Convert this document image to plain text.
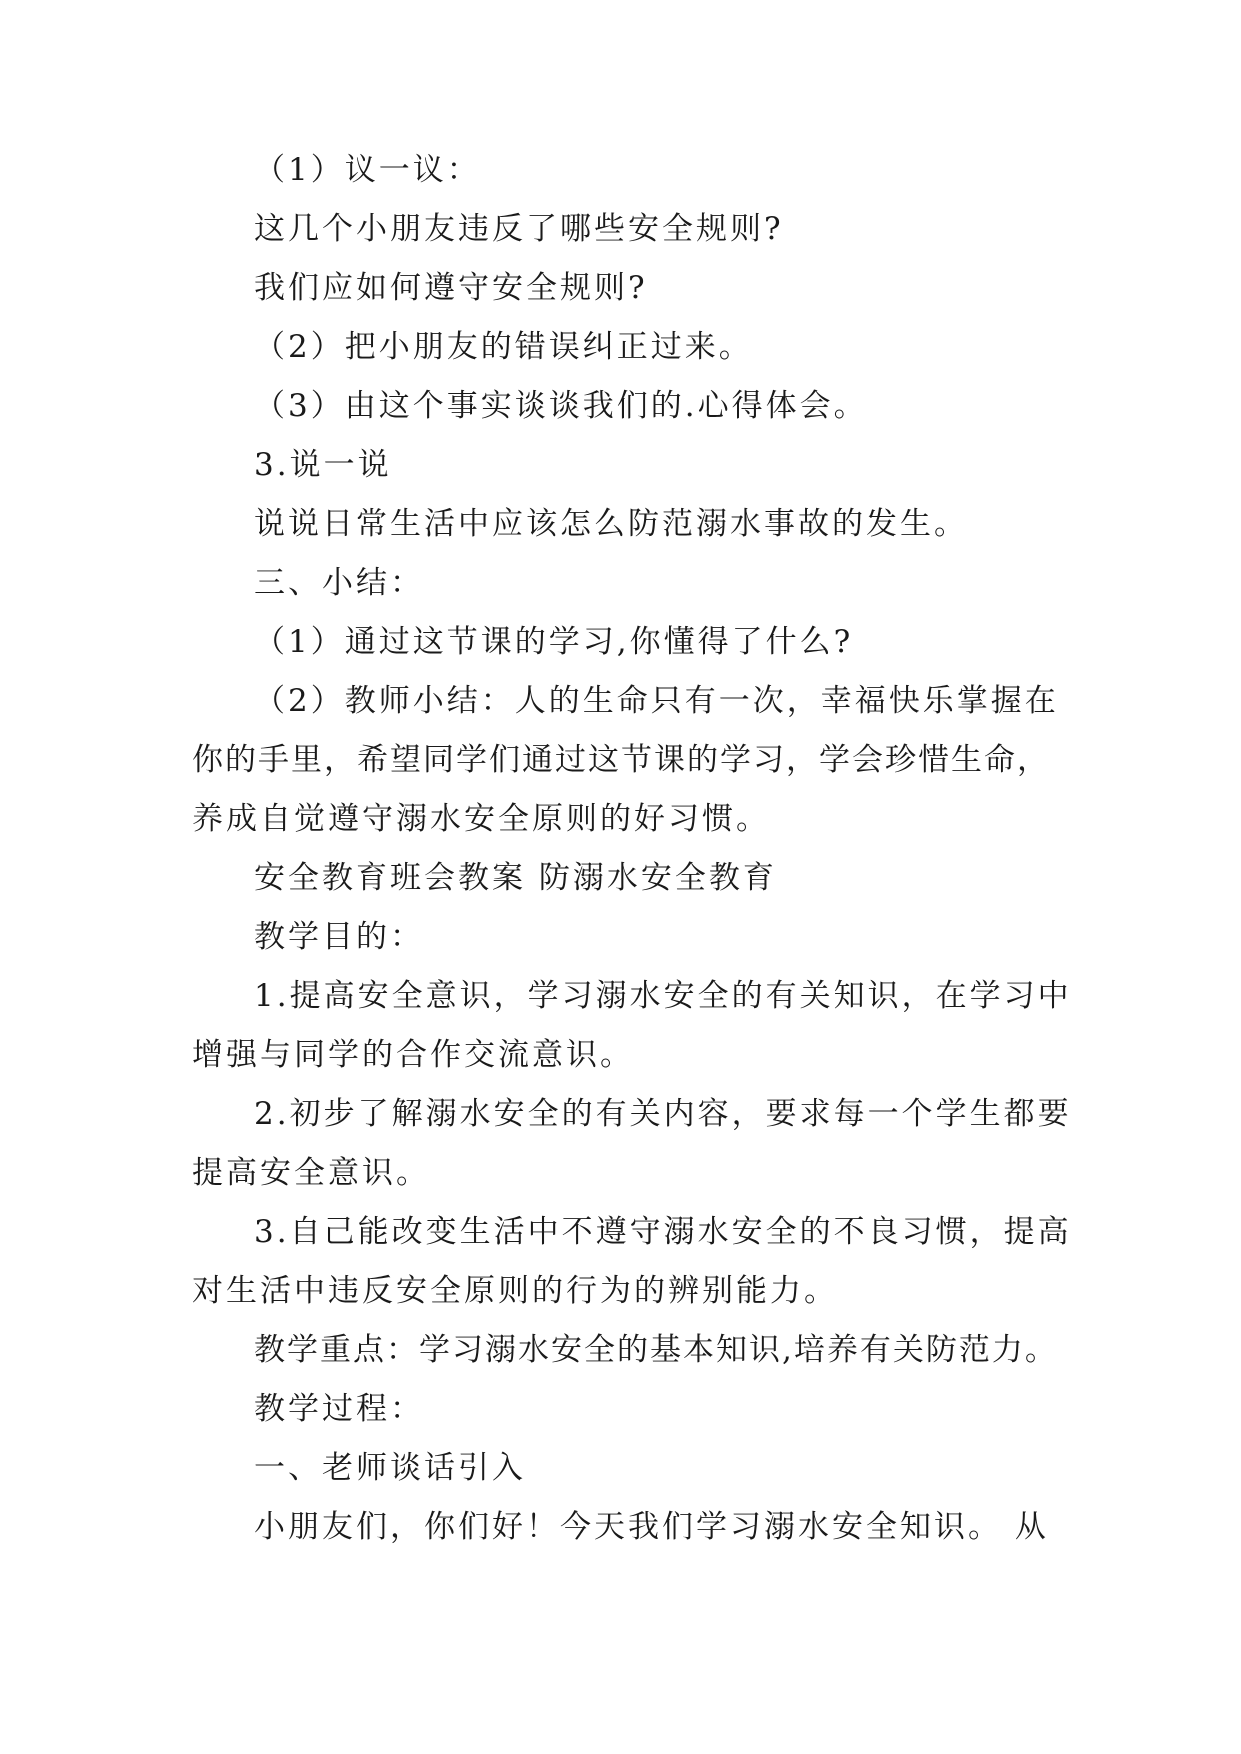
（1）议一议：
这几个小朋友违反了哪些安全规则?
我们应如何遵守安全规则?
（2）把小朋友的错误纠正过来。
（3）由这个事实谈谈我们的.心得体会。
3.说一说
说说日常生活中应该怎么防范溺水事故的发生。
三、小结：
（1）通过这节课的学习,你懂得了什么?
（2）教师小结：人的生命只有一次，幸福快乐掌握在
你的手里，希望同学们通过这节课的学习，学会珍惜生命，
养成自觉遵守溺水安全原则的好习惯。
安全教育班会教案 防溺水安全教育
教学目的：
1.提高安全意识，学习溺水安全的有关知识，在学习中
增强与同学的合作交流意识。
2.初步了解溺水安全的有关内容，要求每一个学生都要
提高安全意识。
3.自己能改变生活中不遵守溺水安全的不良习惯，提高
对生活中违反安全原则的行为的辨别能力。
教学重点：学习溺水安全的基本知识,培养有关防范力。
教学过程：
一、老师谈话引入
小朋友们，你们好！今天我们学习溺水安全知识。 从
